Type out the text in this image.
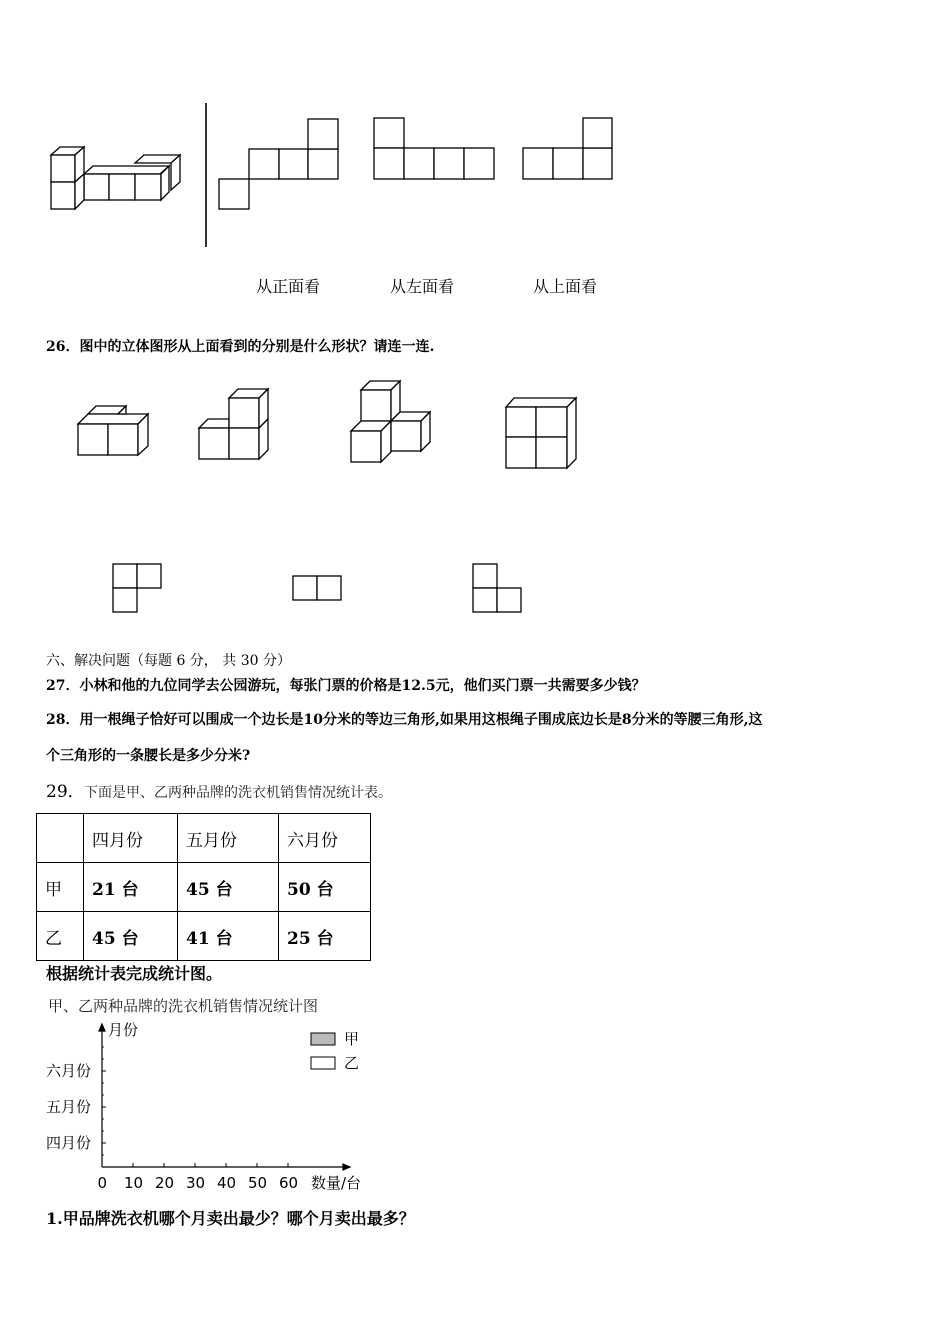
从正面看	从左面看	从上面看
26．图中的立体图形从上面看到的分别是什么形状？请连一连.
六、解决问题（每题 6 分， 共 30 分）
27．小林和他的九位同学去公园游玩，每张门票的价格是12.5元，他们买门票一共需要多少钱？
28．用一根绳子恰好可以围成一个边长是10分米的等边三角形,如果用这根绳子围成底边长是8分米的等腰三角形,这
个三角形的一条腰长是多少分米?
29． 下面是甲、乙两种品牌的洗衣机销售情况统计表。
	四月份	五月份	六月份
甲	21 台	45 台	50 台
乙	45 台	41 台	25 台
根据统计表完成统计图。
甲、乙两种品牌的洗衣机销售情况统计图
月份	甲
乙
六月份
五月份
四月份
0 10 20 30 40 50 60 数量/台
1.甲品牌洗衣机哪个月卖出最少？哪个月卖出最多？
